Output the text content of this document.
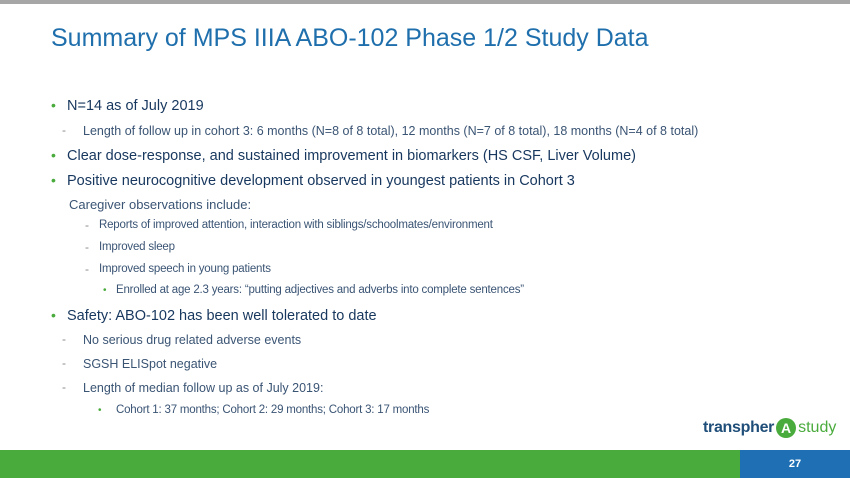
Summary of MPS IIIA ABO-102 Phase 1/2 Study Data
• N=14 as of July 2019
- Length of follow up in cohort 3: 6 months (N=8 of 8 total), 12 months (N=7 of 8 total), 18 months (N=4 of 8 total)
• Clear dose-response, and sustained improvement in biomarkers (HS CSF, Liver Volume)
• Positive neurocognitive development observed in youngest patients in Cohort 3
Caregiver observations include:
- Reports of improved attention, interaction with siblings/schoolmates/environment
- Improved sleep
- Improved speech in young patients
• Enrolled at age 2.3 years: “putting adjectives and adverbs into complete sentences”
• Safety: ABO-102 has been well tolerated to date
- No serious drug related adverse events
- SGSH ELISpot negative
- Length of median follow up as of July 2019:
• Cohort 1: 37 months; Cohort 2: 29 months; Cohort 3: 17 months
transpher A study
27
